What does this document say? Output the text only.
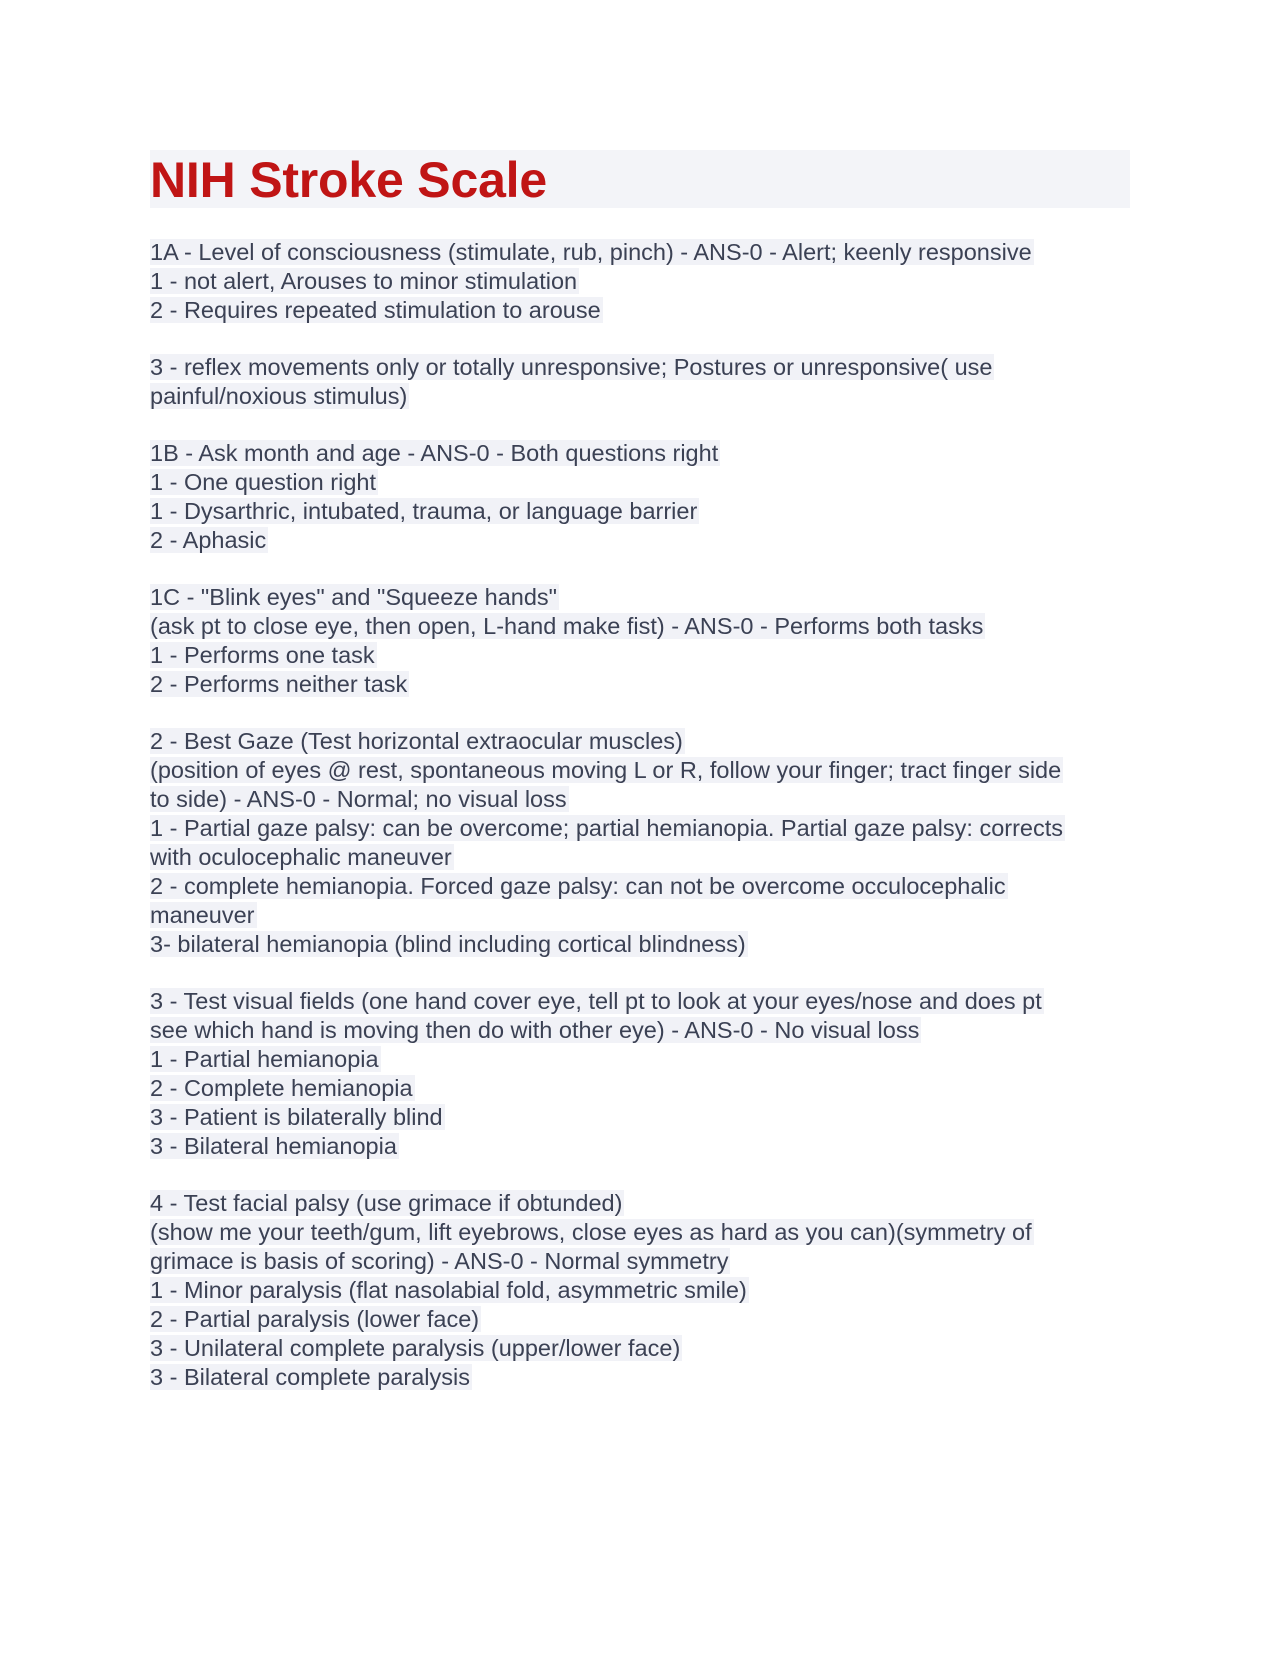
NIH Stroke Scale
1A - Level of consciousness (stimulate, rub, pinch) - ANS-0 - Alert; keenly responsive
1 - not alert, Arouses to minor stimulation
2 - Requires repeated stimulation to arouse
3 - reflex movements only or totally unresponsive; Postures or unresponsive( use
painful/noxious stimulus)
1B - Ask month and age - ANS-0 - Both questions right
1 - One question right
1 - Dysarthric, intubated, trauma, or language barrier
2 - Aphasic
1C - "Blink eyes" and "Squeeze hands"
(ask pt to close eye, then open, L-hand make fist) - ANS-0 - Performs both tasks
1 - Performs one task
2 - Performs neither task
2 - Best Gaze (Test horizontal extraocular muscles)
(position of eyes @ rest, spontaneous moving L or R, follow your finger; tract finger side
to side) - ANS-0 - Normal; no visual loss
1 - Partial gaze palsy: can be overcome; partial hemianopia. Partial gaze palsy: corrects
with oculocephalic maneuver
2 - complete hemianopia. Forced gaze palsy: can not be overcome occulocephalic
maneuver
3- bilateral hemianopia (blind including cortical blindness)
3 - Test visual fields (one hand cover eye, tell pt to look at your eyes/nose and does pt
see which hand is moving then do with other eye) - ANS-0 - No visual loss
1 - Partial hemianopia
2 - Complete hemianopia
3 - Patient is bilaterally blind
3 - Bilateral hemianopia
4 - Test facial palsy (use grimace if obtunded)
(show me your teeth/gum, lift eyebrows, close eyes as hard as you can)(symmetry of
grimace is basis of scoring) - ANS-0 - Normal symmetry
1 - Minor paralysis (flat nasolabial fold, asymmetric smile)
2 - Partial paralysis (lower face)
3 - Unilateral complete paralysis (upper/lower face)
3 - Bilateral complete paralysis
